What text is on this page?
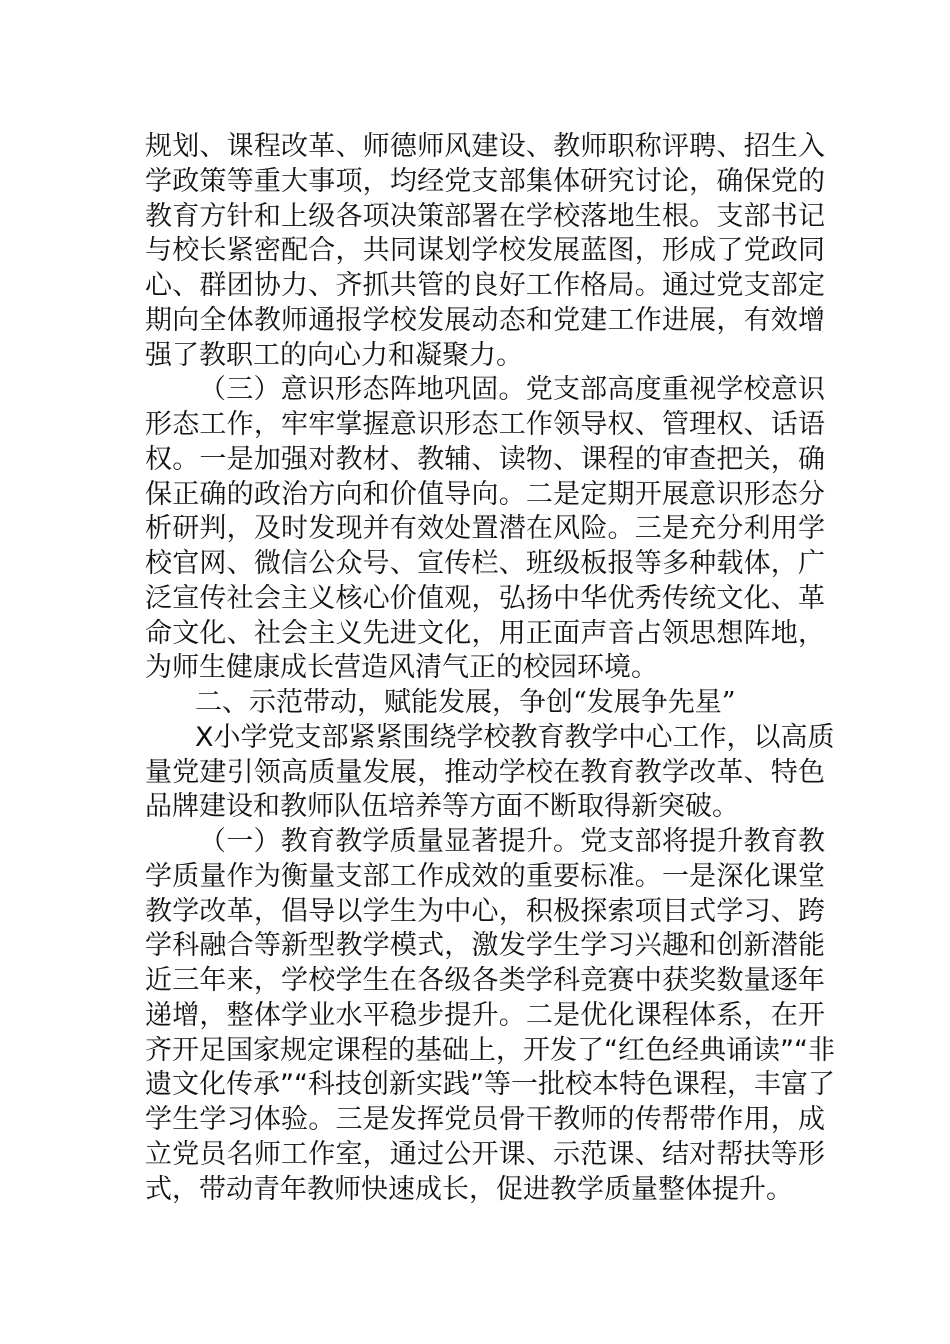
规划、课程改革、师德师风建设、教师职称评聘、招生入
学政策等重大事项，均经党支部集体研究讨论，确保党的
教育方针和上级各项决策部署在学校落地生根。支部书记
与校长紧密配合，共同谋划学校发展蓝图，形成了党政同
心、群团协力、齐抓共管的良好工作格局。通过党支部定
期向全体教师通报学校发展动态和党建工作进展，有效增
强了教职工的向心力和凝聚力。
（三）意识形态阵地巩固。党支部高度重视学校意识
形态工作，牢牢掌握意识形态工作领导权、管理权、话语
权。一是加强对教材、教辅、读物、课程的审查把关，确
保正确的政治方向和价值导向。二是定期开展意识形态分
析研判，及时发现并有效处置潜在风险。三是充分利用学
校官网、微信公众号、宣传栏、班级板报等多种载体，广
泛宣传社会主义核心价值观，弘扬中华优秀传统文化、革
命文化、社会主义先进文化，用正面声音占领思想阵地，
为师生健康成长营造风清气正的校园环境。
二、示范带动，赋能发展，争创“发展争先星”
X小学党支部紧紧围绕学校教育教学中心工作，以高质
量党建引领高质量发展，推动学校在教育教学改革、特色
品牌建设和教师队伍培养等方面不断取得新突破。
（一）教育教学质量显著提升。党支部将提升教育教
学质量作为衡量支部工作成效的重要标准。一是深化课堂
教学改革，倡导以学生为中心，积极探索项目式学习、跨
学科融合等新型教学模式，激发学生学习兴趣和创新潜能
近三年来，学校学生在各级各类学科竞赛中获奖数量逐年
递增，整体学业水平稳步提升。二是优化课程体系，在开
齐开足国家规定课程的基础上，开发了“红色经典诵读”“非
遗文化传承”“科技创新实践”等一批校本特色课程，丰富了
学生学习体验。三是发挥党员骨干教师的传帮带作用，成
立党员名师工作室，通过公开课、示范课、结对帮扶等形
式，带动青年教师快速成长，促进教学质量整体提升。
